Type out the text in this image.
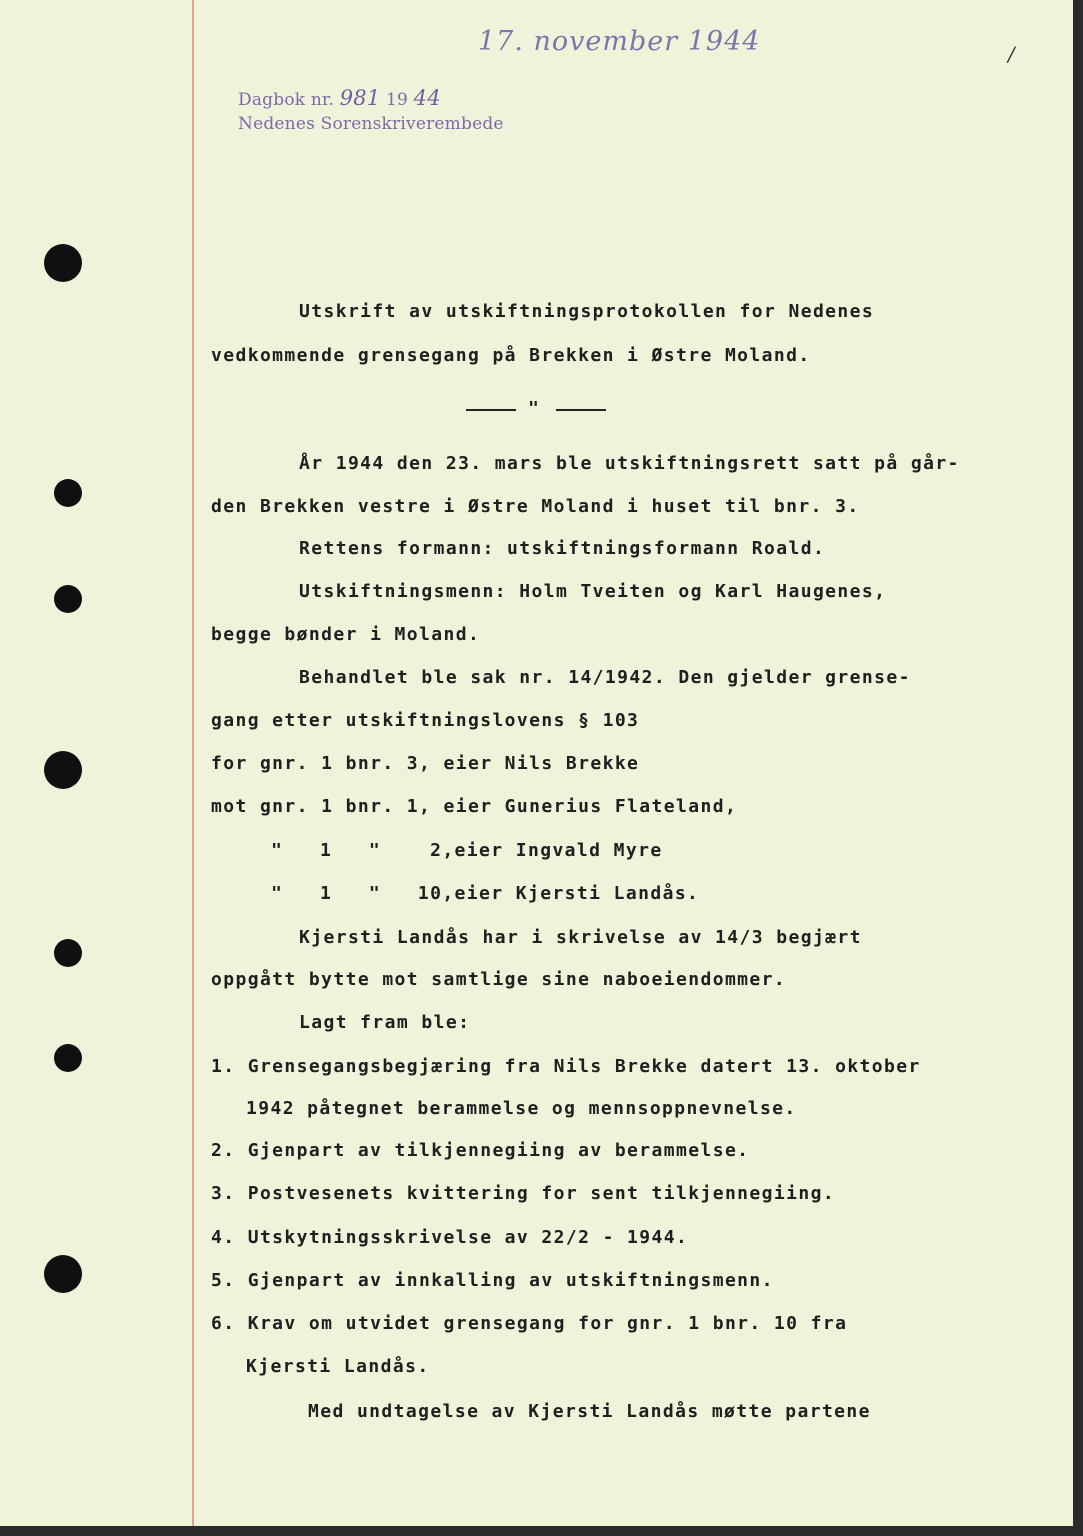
17. november 1944	/
Dagbok nr. 981 19 44
Nedenes Sorenskriverembede
Utskrift av utskiftningsprotokollen for Nedenes
vedkommende grensegang på Brekken i Østre Moland.
"
År 1944 den 23. mars ble utskiftningsrett satt på går-
den Brekken vestre i Østre Moland i huset til bnr. 3.
Rettens formann: utskiftningsformann Roald.
Utskiftningsmenn: Holm Tveiten og Karl Haugenes,
begge bønder i Moland.
Behandlet ble sak nr. 14/1942. Den gjelder grense-
gang etter utskiftningslovens § 103
for gnr. 1 bnr. 3, eier Nils Brekke
mot gnr. 1 bnr. 1, eier Gunerius Flateland,
"   1   "    2,eier Ingvald Myre
"   1   "   10,eier Kjersti Landås.
Kjersti Landås har i skrivelse av 14/3 begjært
oppgått bytte mot samtlige sine naboeiendommer.
Lagt fram ble:
1. Grensegangsbegjæring fra Nils Brekke datert 13. oktober
1942 påtegnet berammelse og mennsoppnevnelse.
2. Gjenpart av tilkjennegiing av berammelse.
3. Postvesenets kvittering for sent tilkjennegiing.
4. Utskytningsskrivelse av 22/2 - 1944.
5. Gjenpart av innkalling av utskiftningsmenn.
6. Krav om utvidet grensegang for gnr. 1 bnr. 10 fra
Kjersti Landås.
Med undtagelse av Kjersti Landås møtte partene
